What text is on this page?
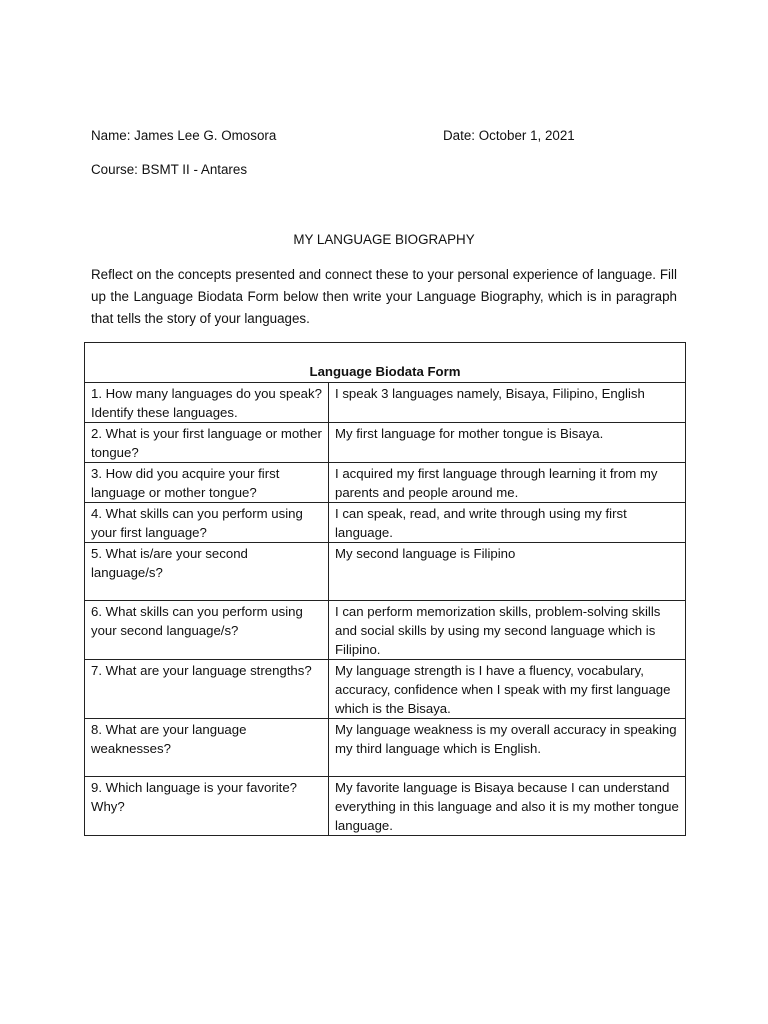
Name: James Lee G. Omosora	Date: October 1, 2021
Course: BSMT II - Antares
MY LANGUAGE BIOGRAPHY
Reflect on the concepts presented and connect these to your personal experience of language. Fill up the Language Biodata Form below then write your Language Biography, which is in paragraph that tells the story of your languages.
Language Biodata Form	
1. How many languages do you speak? Identify these languages.	I speak 3 languages namely, Bisaya, Filipino, English
2. What is your first language or mother tongue?	My first language for mother tongue is Bisaya.
3. How did you acquire your first language or mother tongue?	I acquired my first language through learning it from my parents and people around me.
4. What skills can you perform using your first language?	I can speak, read, and write through using my first language.
5. What is/are your second language/s?	My second language is Filipino
6. What skills can you perform using your second language/s?	I can perform memorization skills, problem-solving skills and social skills by using my second language which is Filipino.
7. What are your language strengths?	My language strength is I have a fluency, vocabulary, accuracy, confidence when I speak with my first language which is the Bisaya.
8. What are your language weaknesses?	My language weakness is my overall accuracy in speaking my third language which is English.
9. Which language is your favorite? Why?	My favorite language is Bisaya because I can understand everything in this language and also it is my mother tongue language.
